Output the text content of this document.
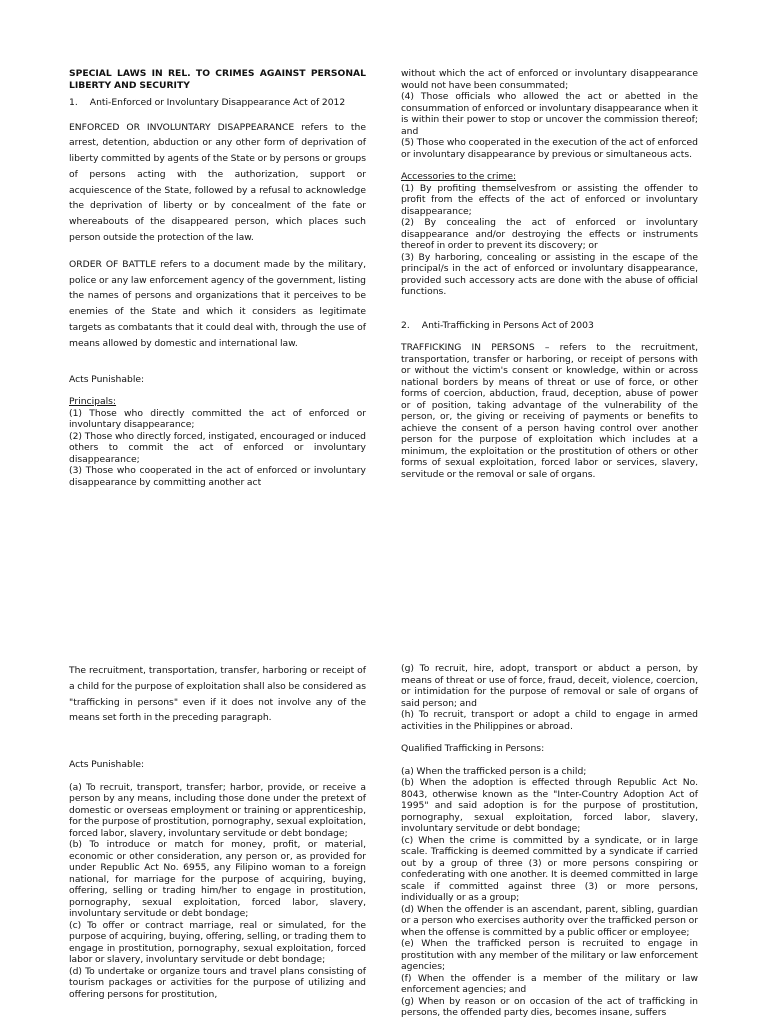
SPECIAL LAWS IN REL. TO CRIMES AGAINST PERSONAL LIBERTY AND SECURITY

1. Anti-Enforced or Involuntary Disappearance Act of 2012

ENFORCED OR INVOLUNTARY DISAPPEARANCE refers to the arrest, detention, abduction or any other form of deprivation of liberty committed by agents of the State or by persons or groups of persons acting with the authorization, support or acquiescence of the State, followed by a refusal to acknowledge the deprivation of liberty or by concealment of the fate or whereabouts of the disappeared person, which places such person outside the protection of the law.

ORDER OF BATTLE refers to a document made by the military, police or any law enforcement agency of the government, listing the names of persons and organizations that it perceives to be enemies of the State and which it considers as legitimate targets as combatants that it could deal with, through the use of means allowed by domestic and international law.

Acts Punishable:

Principals:

(1) Those who directly committed the act of enforced or involuntary disappearance;

(2) Those who directly forced, instigated, encouraged or induced others to commit the act of enforced or involuntary disappearance;

(3) Those who cooperated in the act of enforced or involuntary disappearance by committing another act

without which the act of enforced or involuntary disappearance would not have been consummated;

(4) Those officials who allowed the act or abetted in the consummation of enforced or involuntary disappearance when it is within their power to stop or uncover the commission thereof; and

(5) Those who cooperated in the execution of the act of enforced or involuntary disappearance by previous or simultaneous acts.

Accessories to the crime:

(1) By profiting themselvesfrom or assisting the offender to profit from the effects of the act of enforced or involuntary disappearance;

(2) By concealing the act of enforced or involuntary disappearance and/or destroying the effects or instruments thereof in order to prevent its discovery; or

(3) By harboring, concealing or assisting in the escape of the principal/s in the act of enforced or involuntary disappearance, provided such accessory acts are done with the abuse of official functions.

2. Anti-Trafficking in Persons Act of 2003

TRAFFICKING IN PERSONS – refers to the recruitment, transportation, transfer or harboring, or receipt of persons with or without the victim's consent or knowledge, within or across national borders by means of threat or use of force, or other forms of coercion, abduction, fraud, deception, abuse of power or of position, taking advantage of the vulnerability of the person, or, the giving or receiving of payments or benefits to achieve the consent of a person having control over another person for the purpose of exploitation which includes at a minimum, the exploitation or the prostitution of others or other forms of sexual exploitation, forced labor or services, slavery, servitude or the removal or sale of organs.

The recruitment, transportation, transfer, harboring or receipt of a child for the purpose of exploitation shall also be considered as "trafficking in persons" even if it does not involve any of the means set forth in the preceding paragraph.

Acts Punishable:

(a) To recruit, transport, transfer; harbor, provide, or receive a person by any means, including those done under the pretext of domestic or overseas employment or training or apprenticeship, for the purpose of prostitution, pornography, sexual exploitation, forced labor, slavery, involuntary servitude or debt bondage;

(b) To introduce or match for money, profit, or material, economic or other consideration, any person or, as provided for under Republic Act No. 6955, any Filipino woman to a foreign national, for marriage for the purpose of acquiring, buying, offering, selling or trading him/her to engage in prostitution, pornography, sexual exploitation, forced labor, slavery, involuntary servitude or debt bondage;

(c) To offer or contract marriage, real or simulated, for the purpose of acquiring, buying, offering, selling, or trading them to engage in prostitution, pornography, sexual exploitation, forced labor or slavery, involuntary servitude or debt bondage;

(d) To undertake or organize tours and travel plans consisting of tourism packages or activities for the purpose of utilizing and offering persons for prostitution,

(g) To recruit, hire, adopt, transport or abduct a person, by means of threat or use of force, fraud, deceit, violence, coercion, or intimidation for the purpose of removal or sale of organs of said person; and

(h) To recruit, transport or adopt a child to engage in armed activities in the Philippines or abroad.

Qualified Trafficking in Persons:

(a) When the trafficked person is a child;

(b) When the adoption is effected through Republic Act No. 8043, otherwise known as the "Inter-Country Adoption Act of 1995" and said adoption is for the purpose of prostitution, pornography, sexual exploitation, forced labor, slavery, involuntary servitude or debt bondage;

(c) When the crime is committed by a syndicate, or in large scale. Trafficking is deemed committed by a syndicate if carried out by a group of three (3) or more persons conspiring or confederating with one another. It is deemed committed in large scale if committed against three (3) or more persons, individually or as a group;

(d) When the offender is an ascendant, parent, sibling, guardian or a person who exercises authority over the trafficked person or when the offense is committed by a public officer or employee;

(e) When the trafficked person is recruited to engage in prostitution with any member of the military or law enforcement agencies;

(f) When the offender is a member of the military or law enforcement agencies; and

(g) When by reason or on occasion of the act of trafficking in persons, the offended party dies, becomes insane, suffers
